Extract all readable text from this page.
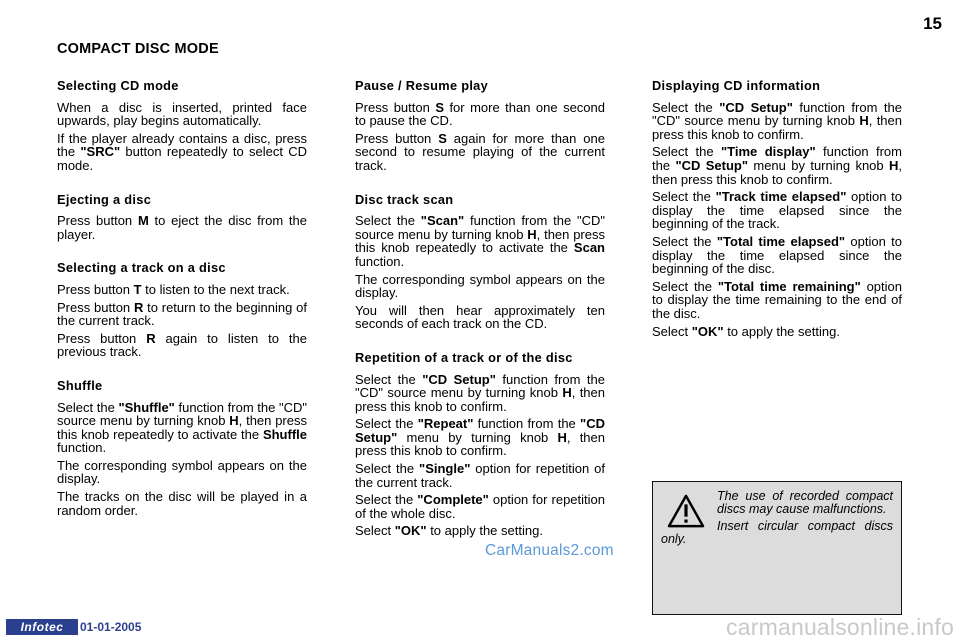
15
COMPACT DISC MODE
Selecting CD mode

When a disc is inserted, printed face upwards, play begins automatically.

If the player already contains a disc, press the "SRC" button repeatedly to select CD mode.

Ejecting a disc

Press button M to eject the disc from the player.

Selecting a track on a disc

Press button T to listen to the next track.

Press button R to return to the beginning of the current track.

Press button R again to listen to the previous track.

Shuffle

Select the "Shuffle" function from the "CD" source menu by turning knob H, then press this knob repeatedly to activate the Shuffle function.

The corresponding symbol appears on the display.

The tracks on the disc will be played in a random order.

Pause / Resume play

Press button S for more than one second to pause the CD.

Press button S again for more than one second to resume playing of the current track.

Disc track scan

Select the "Scan" function from the "CD" source menu by turning knob H, then press this knob repeatedly to activate the Scan function.

The corresponding symbol appears on the display.

You will then hear approximately ten seconds of each track on the CD.

Repetition of a track or of the disc

Select the "CD Setup" function from the "CD" source menu by turning knob H, then press this knob to confirm.

Select the "Repeat" function from the "CD Setup" menu by turning knob H, then press this knob to confirm.

Select the "Single" option for repetition of the current track.

Select the "Complete" option for repetition of the whole disc.

Select "OK" to apply the setting.

Displaying CD information

Select the "CD Setup" function from the "CD" source menu by turning knob H, then press this knob to confirm.

Select the "Time display" function from the "CD Setup" menu by turning knob H, then press this knob to confirm.

Select the "Track time elapsed" option to display the time elapsed since the beginning of the track.

Select the "Total time elapsed" option to display the time elapsed since the beginning of the disc.

Select the "Total time remaining" option to display the time remaining to the end of the disc.

Select "OK" to apply the setting.

The use of recorded compact discs may cause malfunctions.

Insert circular compact discs only.

CarManuals2.com
Infotec	01-01-2005	carmanualsonline.info
